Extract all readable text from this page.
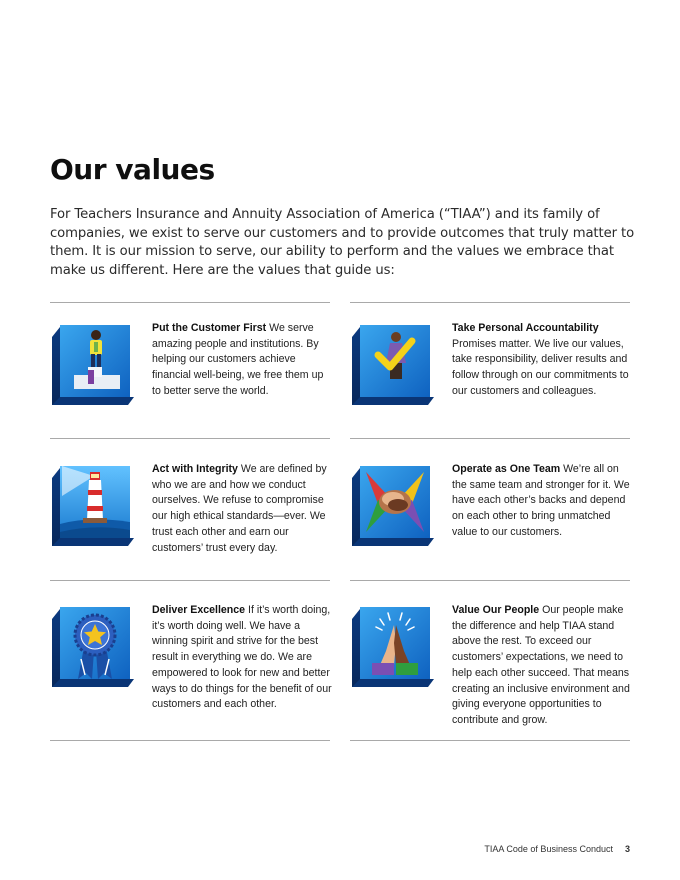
Our values
For Teachers Insurance and Annuity Association of America (“TIAA”) and its family of companies, we exist to serve our customers and to provide outcomes that truly matter to them. It is our mission to serve, our ability to perform and the values we embrace that make us different. Here are the values that guide us:
Put the Customer First We serve amazing people and institutions. By helping our customers achieve financial well-being, we free them up to better serve the world.
Take Personal Accountability Promises matter. We live our values, take responsibility, deliver results and follow through on our commitments to our customers and colleagues.
Act with Integrity We are defined by who we are and how we conduct ourselves. We refuse to compromise our high ethical standards—ever. We trust each other and earn our customers’ trust every day.
Operate as One Team We’re all on the same team and stronger for it. We have each other’s backs and depend on each other to bring unmatched value to our customers.
Deliver Excellence If it’s worth doing, it’s worth doing well. We have a winning spirit and strive for the best result in everything we do. We are empowered to look for new and better ways to do things for the benefit of our customers and each other.
Value Our People Our people make the difference and help TIAA stand above the rest. To exceed our customers’ expectations, we need to help each other succeed. That means creating an inclusive environment and giving everyone opportunities to contribute and grow.
TIAA Code of Business Conduct 3
